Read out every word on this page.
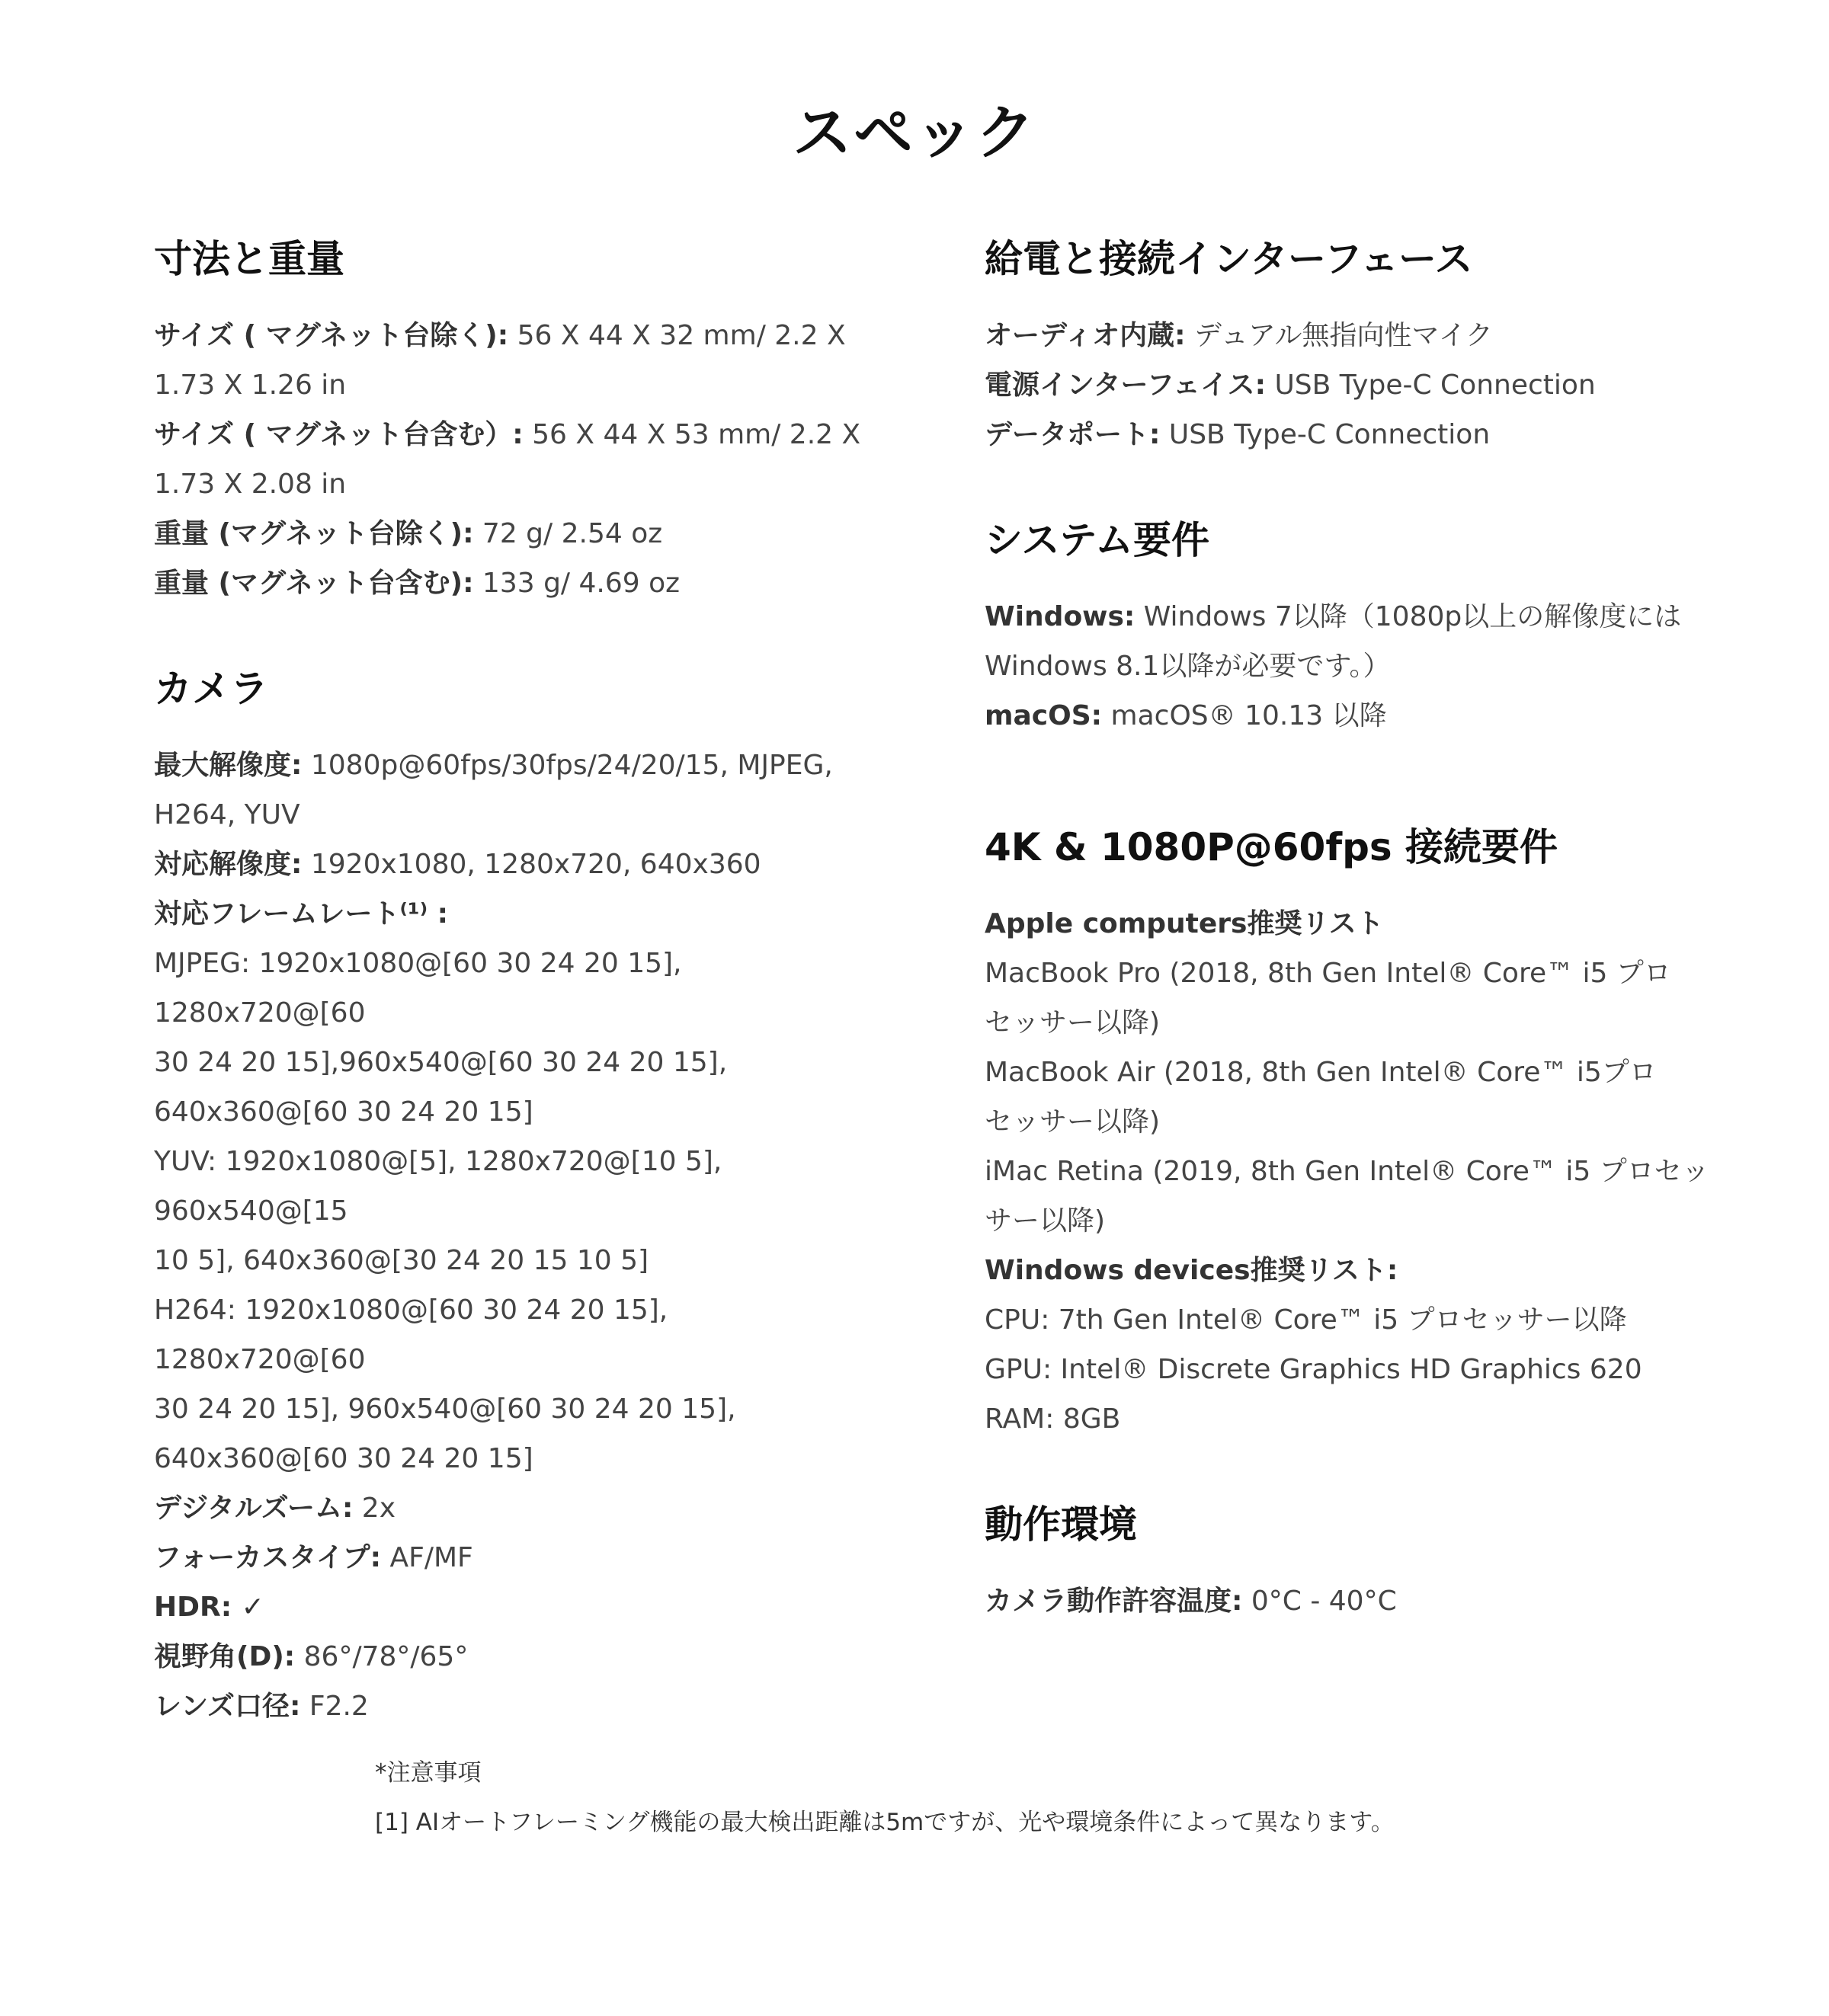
スペック
寸法と重量
サイズ ( マグネット台除く): 56 X 44 X 32 mm/ 2.2 X
1.73 X 1.26 in
サイズ ( マグネット台含む）: 56 X 44 X 53 mm/ 2.2 X
1.73 X 2.08 in
重量 (マグネット台除く): 72 g/ 2.54 oz
重量 (マグネット台含む): 133 g/ 4.69 oz
カメラ
最大解像度: 1080p@60fps/30fps/24/20/15, MJPEG,
H264, YUV
対応解像度: 1920x1080, 1280x720, 640x360
対応フレームレート⁽¹⁾ :
MJPEG: 1920x1080@[60 30 24 20 15], 1280x720@[60
30 24 20 15],960x540@[60 30 24 20 15],
640x360@[60 30 24 20 15]
YUV: 1920x1080@[5], 1280x720@[10 5], 960x540@[15
10 5], 640x360@[30 24 20 15 10 5]
H264: 1920x1080@[60 30 24 20 15], 1280x720@[60
30 24 20 15], 960x540@[60 30 24 20 15],
640x360@[60 30 24 20 15]
デジタルズーム: 2x
フォーカスタイプ: AF/MF
HDR: ✓
視野角(D): 86°/78°/65°
レンズ口径: F2.2
給電と接続インターフェース
オーディオ内蔵: デュアル無指向性マイク
電源インターフェイス: USB Type-C Connection
データポート: USB Type-C Connection
システム要件
Windows: Windows 7以降（1080p以上の解像度には
Windows 8.1以降が必要です。）
macOS: macOS® 10.13 以降
4K & 1080P@60fps 接続要件
Apple computers推奨リスト
MacBook Pro (2018, 8th Gen Intel® Core™ i5 プロ
セッサー以降)
MacBook Air (2018, 8th Gen Intel® Core™ i5プロ
セッサー以降)
iMac Retina (2019, 8th Gen Intel® Core™ i5 プロセッ
サー以降)
Windows devices推奨リスト:
CPU: 7th Gen Intel® Core™ i5 プロセッサー以降
GPU: Intel® Discrete Graphics HD Graphics 620
RAM: 8GB
動作環境
カメラ動作許容温度: 0°C - 40°C
*注意事項
[1] AIオートフレーミング機能の最大検出距離は5mですが、光や環境条件によって異なります。
